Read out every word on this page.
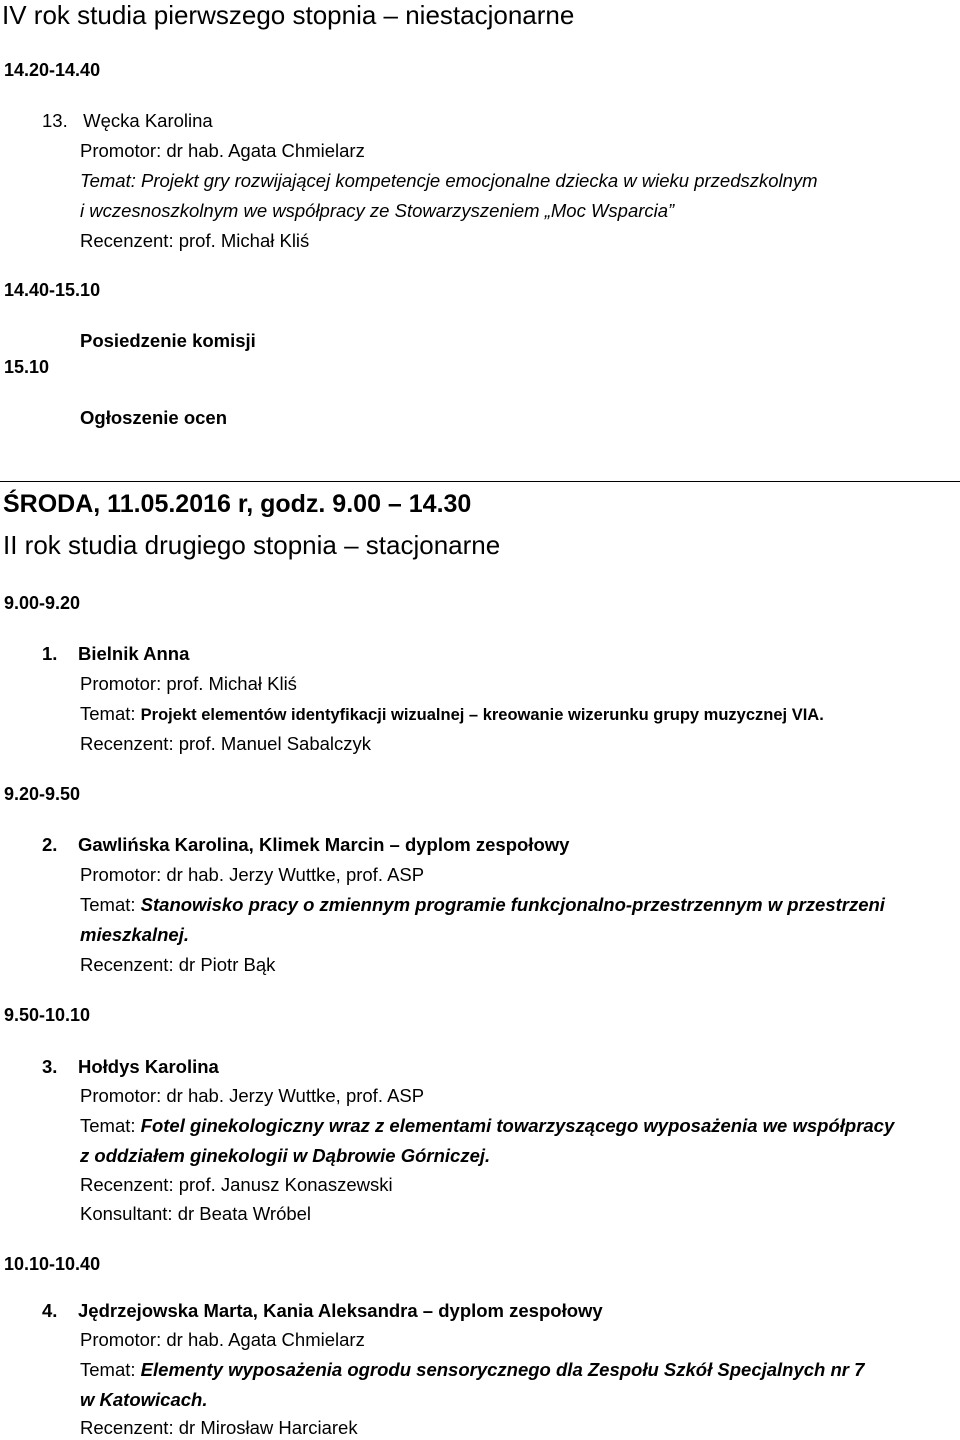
IV rok studia pierwszego stopnia – niestacjonarne

14.20-14.40

13. Węcka Karolina

Promotor: dr hab. Agata Chmielarz

Temat: Projekt gry rozwijającej kompetencje emocjonalne dziecka w wieku przedszkolnym

i wczesnoszkolnym we współpracy ze Stowarzyszeniem „Moc Wsparcia”

Recenzent: prof. Michał Kliś

14.40-15.10

Posiedzenie komisji

15.10

Ogłoszenie ocen

ŚRODA, 11.05.2016 r, godz. 9.00 – 14.30

II rok studia drugiego stopnia – stacjonarne

9.00-9.20

1. Bielnik Anna

Promotor: prof. Michał Kliś

Temat: Projekt elementów identyfikacji wizualnej – kreowanie wizerunku grupy muzycznej VIA.

Recenzent: prof. Manuel Sabalczyk

9.20-9.50

2. Gawlińska Karolina, Klimek Marcin – dyplom zespołowy

Promotor: dr hab. Jerzy Wuttke, prof. ASP

Temat: Stanowisko pracy o zmiennym programie funkcjonalno-przestrzennym w przestrzeni

mieszkalnej.

Recenzent: dr Piotr Bąk

9.50-10.10

3. Hołdys Karolina

Promotor: dr hab. Jerzy Wuttke, prof. ASP

Temat: Fotel ginekologiczny wraz z elementami towarzyszącego wyposażenia we współpracy

z oddziałem ginekologii w Dąbrowie Górniczej.

Recenzent: prof. Janusz Konaszewski

Konsultant: dr Beata Wróbel

10.10-10.40

4. Jędrzejowska Marta, Kania Aleksandra – dyplom zespołowy

Promotor: dr hab. Agata Chmielarz

Temat: Elementy wyposażenia ogrodu sensorycznego dla Zespołu Szkół Specjalnych nr 7

w Katowicach.

Recenzent: dr Mirosław Harciarek
